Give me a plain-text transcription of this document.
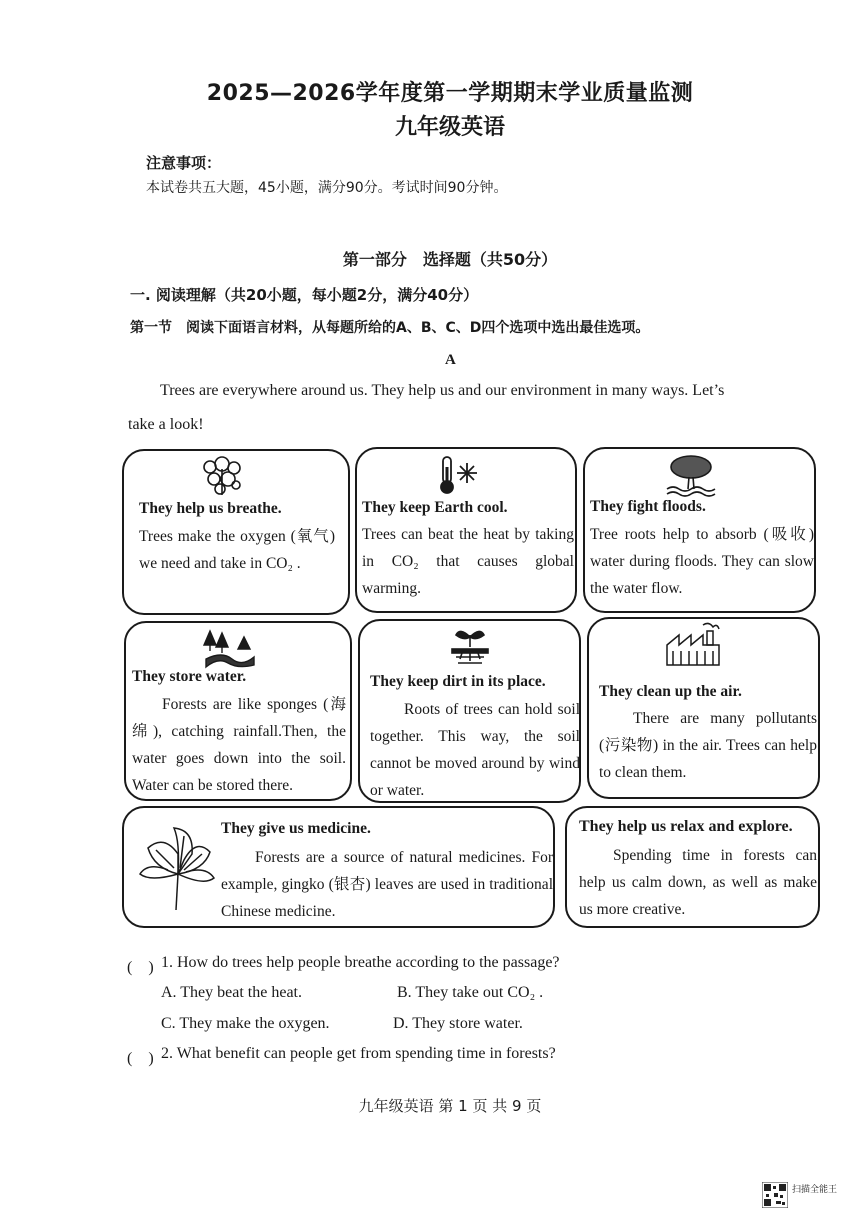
2025—2026学年度第一学期期末学业质量监测
九年级英语
注意事项：
本试卷共五大题，45小题，满分90分。考试时间90分钟。
第一部分　选择题（共50分）
一. 阅读理解（共20小题，每小题2分，满分40分）
第一节　阅读下面语言材料，从每题所给的A、B、C、D四个选项中选出最佳选项。
A
Trees are everywhere around us. They help us and our environment in many ways. Let’s
take a look!
They help us breathe.
Trees make the oxygen (氧气) we need and take in CO₂ .
They keep Earth cool.
Trees can beat the heat by taking in CO₂ that causes global warming.
They fight floods.
Tree roots help to absorb (吸收) water during floods. They can slow the water flow.
They store water.
Forests are like sponges (海绵), catching rainfall.Then, the water goes down into the soil. Water can be stored there.
They keep dirt in its place.
Roots of trees can hold soil together. This way, the soil cannot be moved around by wind or water.
They clean up the air.
There are many pollutants (污染物) in the air. Trees can help to clean them.
They give us medicine.
Forests are a source of natural medicines. For example, gingko (银杏) leaves are used in traditional Chinese medicine.
They help us relax and explore.
Spending time in forests can help us calm down, as well as make us more creative.
(　) 1. How do trees help people breathe according to the passage?
A. They beat the heat.	B. They take out CO₂ .
C. They make the oxygen.	D. They store water.
(　) 2. What benefit can people get from spending time in forests?
九年级英语 第 1 页 共 9 页
扫描全能王
